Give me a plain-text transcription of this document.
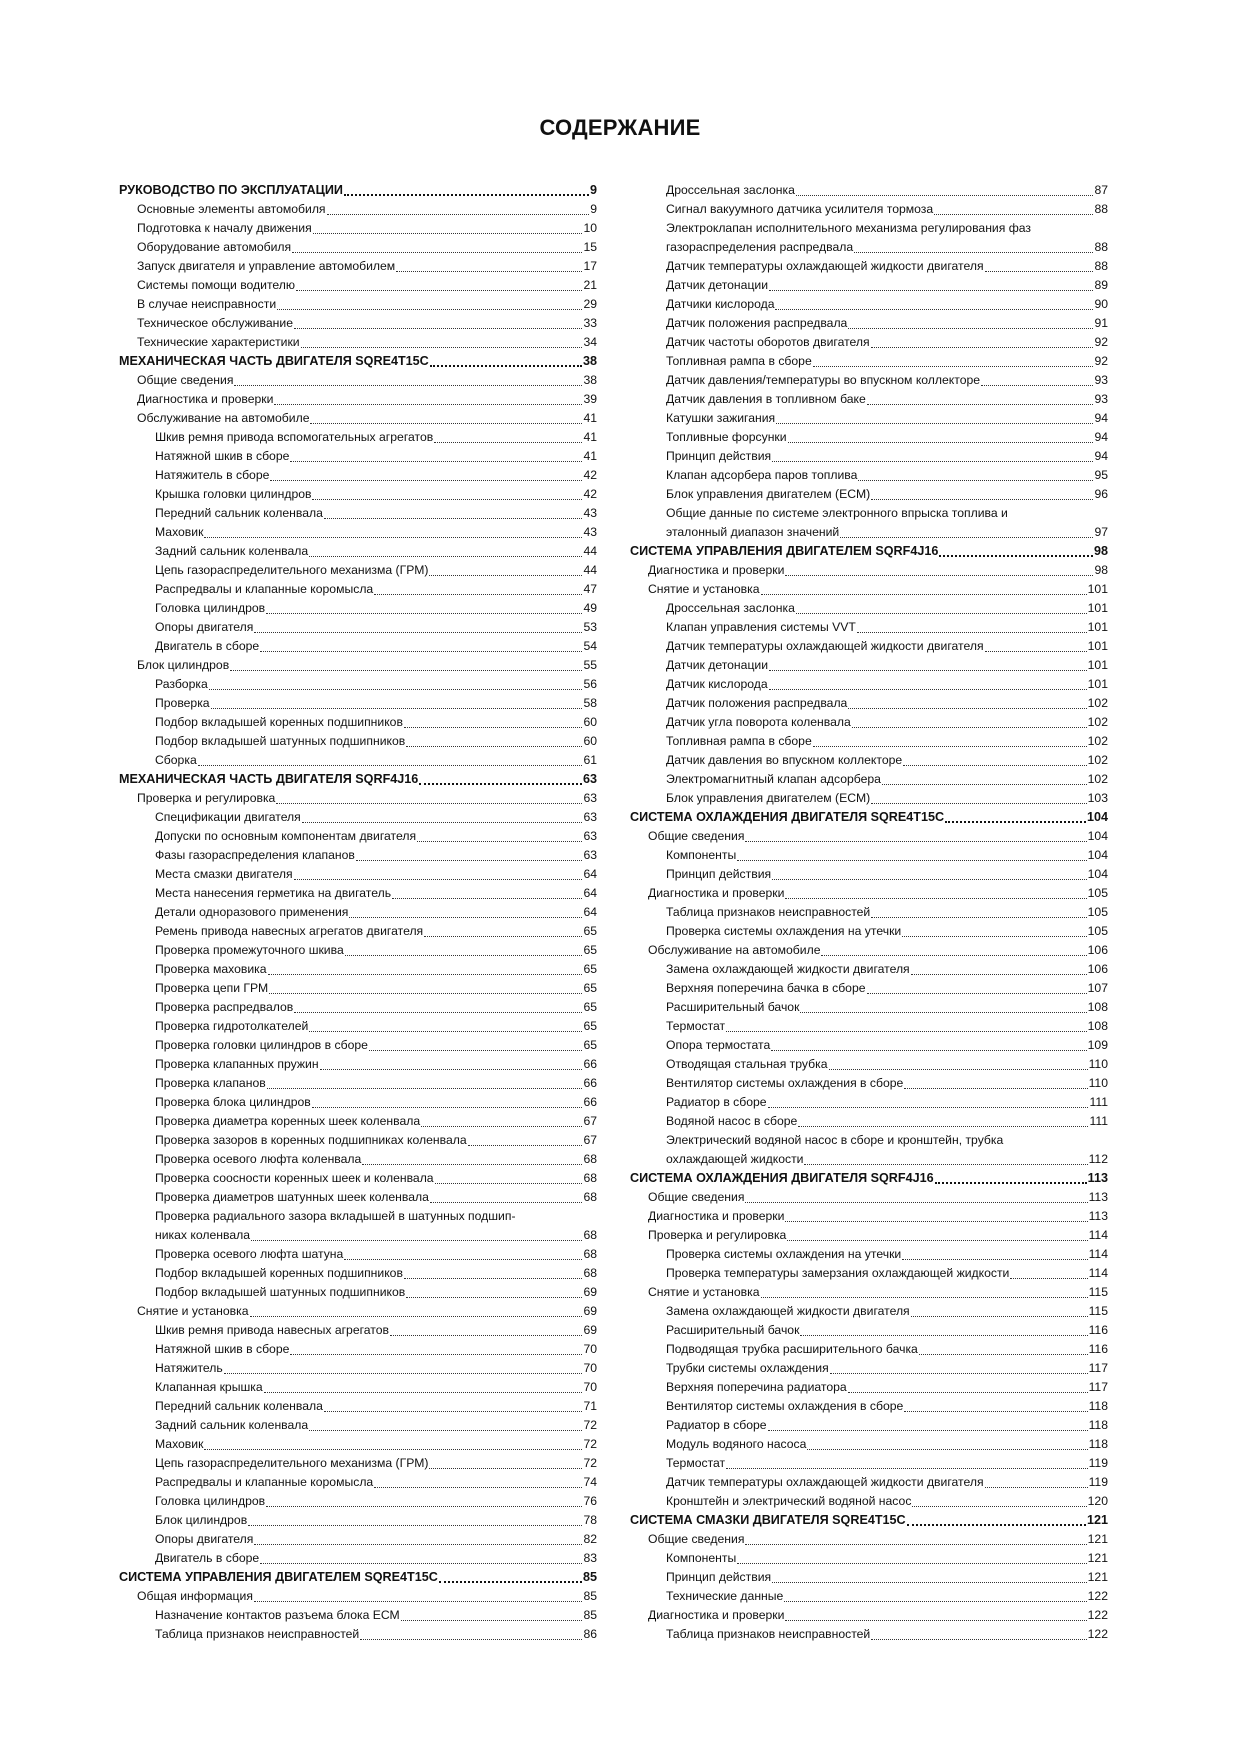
СОДЕРЖАНИЕ
РУКОВОДСТВО ПО ЭКСПЛУАТАЦИИ	9
Основные элементы автомобиля	9
Подготовка к началу движения	10
Оборудование автомобиля	15
Запуск двигателя и управление автомобилем	17
Системы помощи водителю	21
В случае неисправности	29
Техническое обслуживание	33
Технические характеристики	34
МЕХАНИЧЕСКАЯ ЧАСТЬ ДВИГАТЕЛЯ SQRE4T15C	38
Общие сведения	38
Диагностика и проверки	39
Обслуживание на автомобиле	41
Шкив ремня привода вспомогательных агрегатов	41
Натяжной шкив в сборе	41
Натяжитель в сборе	42
Крышка головки цилиндров	42
Передний сальник коленвала	43
Маховик	43
Задний сальник коленвала	44
Цепь газораспределительного механизма (ГРМ)	44
Распредвалы и клапанные коромысла	47
Головка цилиндров	49
Опоры двигателя	53
Двигатель в сборе	54
Блок цилиндров	55
Разборка	56
Проверка	58
Подбор вкладышей коренных подшипников	60
Подбор вкладышей шатунных подшипников	60
Сборка	61
МЕХАНИЧЕСКАЯ ЧАСТЬ ДВИГАТЕЛЯ SQRF4J16	63
Проверка и регулировка	63
Спецификации двигателя	63
Допуски по основным компонентам двигателя	63
Фазы газораспределения клапанов	63
Места смазки двигателя	64
Места нанесения герметика на двигатель	64
Детали одноразового применения	64
Ремень привода навесных агрегатов двигателя	65
Проверка промежуточного шкива	65
Проверка маховика	65
Проверка цепи ГРМ	65
Проверка распредвалов	65
Проверка гидротолкателей	65
Проверка головки цилиндров в сборе	65
Проверка клапанных пружин	66
Проверка клапанов	66
Проверка блока цилиндров	66
Проверка диаметра коренных шеек коленвала	67
Проверка зазоров в коренных подшипниках коленвала	67
Проверка осевого люфта коленвала	68
Проверка соосности коренных шеек и коленвала	68
Проверка диаметров шатунных шеек коленвала	68
Проверка радиального зазора вкладышей в шатунных подшип-
никах коленвала	68
Проверка осевого люфта шатуна	68
Подбор вкладышей коренных подшипников	68
Подбор вкладышей шатунных подшипников	69
Снятие и установка	69
Шкив ремня привода навесных агрегатов	69
Натяжной шкив в сборе	70
Натяжитель	70
Клапанная крышка	70
Передний сальник коленвала	71
Задний сальник коленвала	72
Маховик	72
Цепь газораспределительного механизма (ГРМ)	72
Распредвалы и клапанные коромысла	74
Головка цилиндров	76
Блок цилиндров	78
Опоры двигателя	82
Двигатель в сборе	83
СИСТЕМА УПРАВЛЕНИЯ ДВИГАТЕЛЕМ SQRE4T15C	85
Общая информация	85
Назначение контактов разъема блока ЕСМ	85
Таблица признаков неисправностей	86
Дроссельная заслонка	87
Сигнал вакуумного датчика усилителя тормоза	88
Электроклапан исполнительного механизма регулирования фаз
газораспределения распредвала	88
Датчик температуры охлаждающей жидкости двигателя	88
Датчик детонации	89
Датчики кислорода	90
Датчик положения распредвала	91
Датчик частоты оборотов двигателя	92
Топливная рампа в сборе	92
Датчик давления/температуры во впускном коллекторе	93
Датчик давления в топливном баке	93
Катушки зажигания	94
Топливные форсунки	94
Принцип действия	94
Клапан адсорбера паров топлива	95
Блок управления двигателем (ECM)	96
Общие данные по системе электронного впрыска топлива и
эталонный диапазон значений	97
СИСТЕМА УПРАВЛЕНИЯ ДВИГАТЕЛЕМ SQRF4J16	98
Диагностика и проверки	98
Снятие и установка	101
Дроссельная заслонка	101
Клапан управления системы VVT	101
Датчик температуры охлаждающей жидкости двигателя	101
Датчик детонации	101
Датчик кислорода	101
Датчик положения распредвала	102
Датчик угла поворота коленвала	102
Топливная рампа в сборе	102
Датчик давления во впускном коллекторе	102
Электромагнитный клапан адсорбера	102
Блок управления двигателем (ECM)	103
СИСТЕМА ОХЛАЖДЕНИЯ ДВИГАТЕЛЯ SQRE4T15C	104
Общие сведения	104
Компоненты	104
Принцип действия	104
Диагностика и проверки	105
Таблица признаков неисправностей	105
Проверка системы охлаждения на утечки	105
Обслуживание на автомобиле	106
Замена охлаждающей жидкости двигателя	106
Верхняя поперечина бачка в сборе	107
Расширительный бачок	108
Термостат	108
Опора термостата	109
Отводящая стальная трубка	110
Вентилятор системы охлаждения в сборе	110
Радиатор в сборе	111
Водяной насос в сборе	111
Электрический водяной насос в сборе и кронштейн, трубка
охлаждающей жидкости	112
СИСТЕМА ОХЛАЖДЕНИЯ ДВИГАТЕЛЯ SQRF4J16	113
Общие сведения	113
Диагностика и проверки	113
Проверка и регулировка	114
Проверка системы охлаждения на утечки	114
Проверка температуры замерзания охлаждающей жидкости	114
Снятие и установка	115
Замена охлаждающей жидкости двигателя	115
Расширительный бачок	116
Подводящая трубка расширительного бачка	116
Трубки системы охлаждения	117
Верхняя поперечина радиатора	117
Вентилятор системы охлаждения в сборе	118
Радиатор в сборе	118
Модуль водяного насоса	118
Термостат	119
Датчик температуры охлаждающей жидкости двигателя	119
Кронштейн и электрический водяной насос	120
СИСТЕМА СМАЗКИ ДВИГАТЕЛЯ SQRE4T15C	121
Общие сведения	121
Компоненты	121
Принцип действия	121
Технические данные	122
Диагностика и проверки	122
Таблица признаков неисправностей	122
